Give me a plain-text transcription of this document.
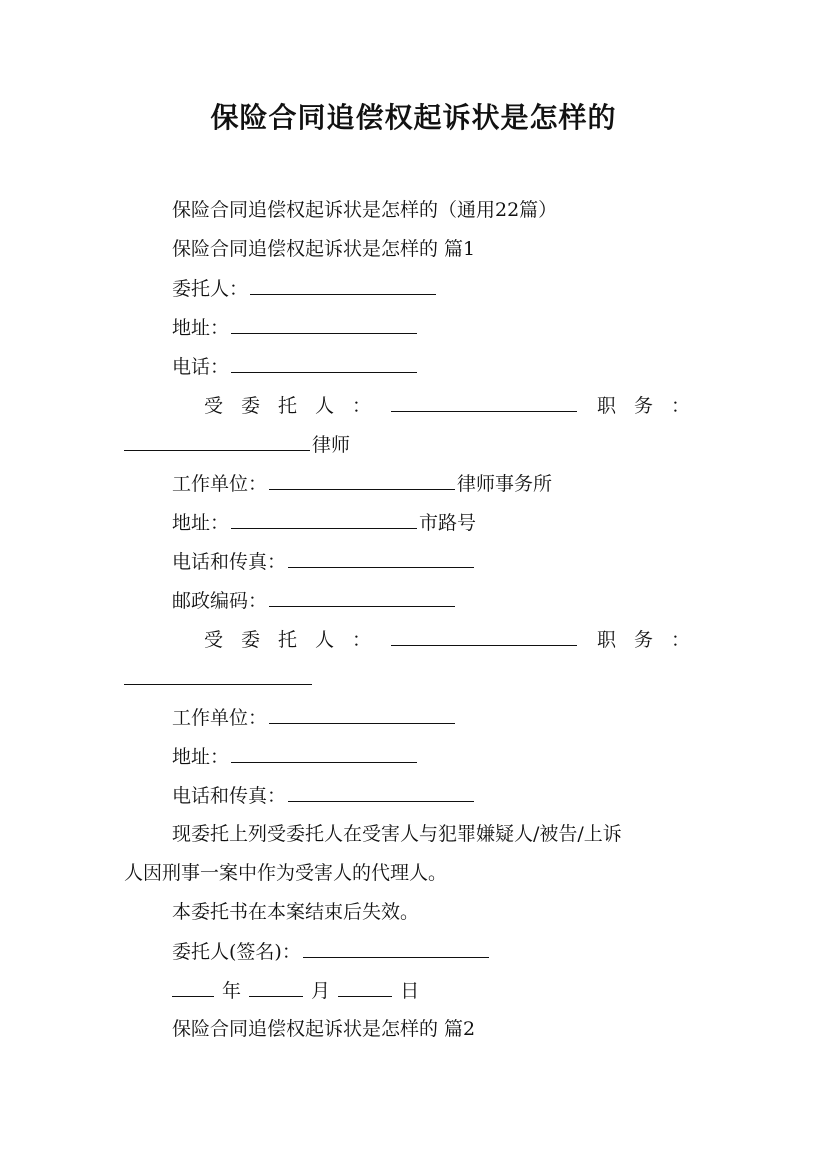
保险合同追偿权起诉状是怎样的
保险合同追偿权起诉状是怎样的（通用22篇）
保险合同追偿权起诉状是怎样的 篇1
委托人：
地址：
电话：
受 委 托 人 ：	职 务 ：
律师
工作单位：	律师事务所
地址：	市路号
电话和传真：
邮政编码：
受 委 托 人 ：	职 务 ：
工作单位：
地址：
电话和传真：
现委托上列受委托人在受害人与犯罪嫌疑人/被告/上诉
人因刑事一案中作为受害人的代理人。
本委托书在本案结束后失效。
委托人(签名)：
年	月	日
保险合同追偿权起诉状是怎样的 篇2
